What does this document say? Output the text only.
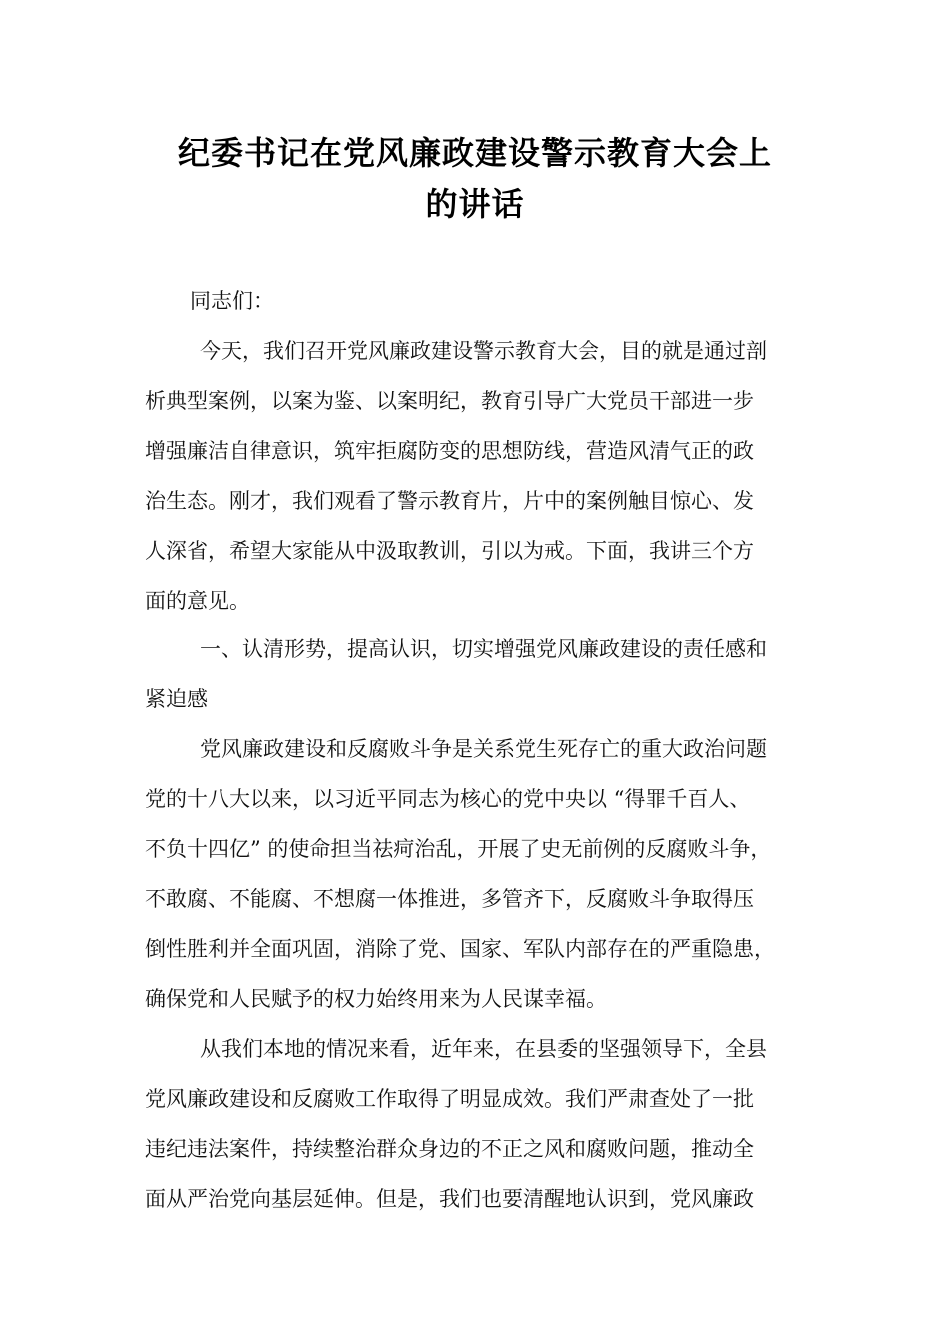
纪委书记在党风廉政建设警示教育大会上
的讲话
同志们：
今天，我们召开党风廉政建设警示教育大会，目的就是通过剖
析典型案例，以案为鉴、以案明纪，教育引导广大党员干部进一步
增强廉洁自律意识，筑牢拒腐防变的思想防线，营造风清气正的政
治生态。刚才，我们观看了警示教育片，片中的案例触目惊心、发
人深省，希望大家能从中汲取教训，引以为戒。下面，我讲三个方
面的意见。
一、认清形势，提高认识，切实增强党风廉政建设的责任感和
紧迫感
党风廉政建设和反腐败斗争是关系党生死存亡的重大政治问题
党的十八大以来，以习近平同志为核心的党中央以 “得罪千百人、
不负十四亿” 的使命担当祛疴治乱，开展了史无前例的反腐败斗争，
不敢腐、不能腐、不想腐一体推进，多管齐下，反腐败斗争取得压
倒性胜利并全面巩固，消除了党、国家、军队内部存在的严重隐患，
确保党和人民赋予的权力始终用来为人民谋幸福。
从我们本地的情况来看，近年来，在县委的坚强领导下，全县
党风廉政建设和反腐败工作取得了明显成效。我们严肃查处了一批
违纪违法案件，持续整治群众身边的不正之风和腐败问题，推动全
面从严治党向基层延伸。但是，我们也要清醒地认识到，党风廉政
